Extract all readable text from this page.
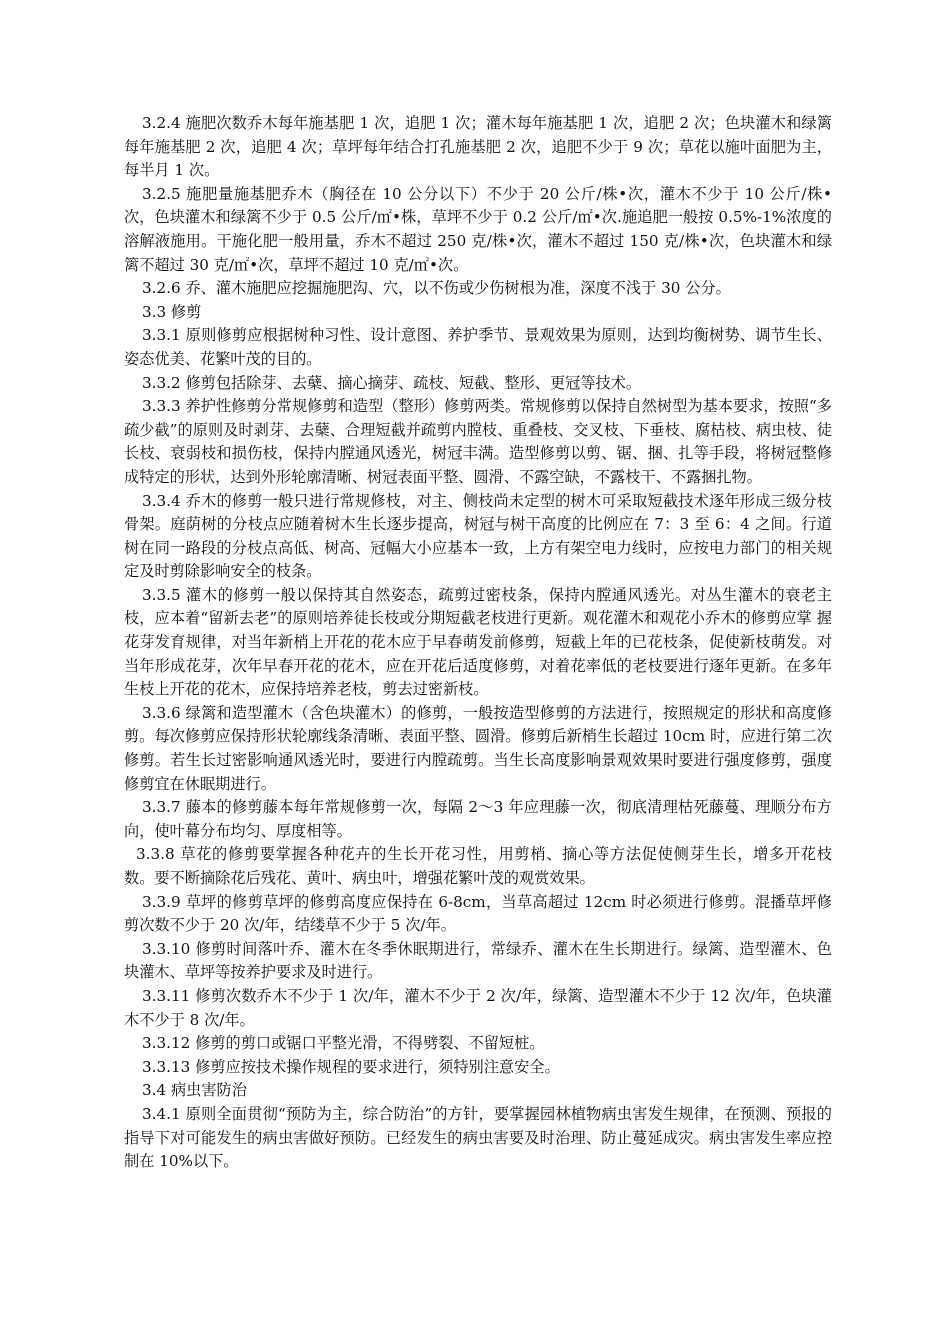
3.2.4 施肥次数乔木每年施基肥 1 次，追肥 1 次；灌木每年施基肥 1 次，追肥 2 次；色块灌木和绿篱每年施基肥 2 次，追肥 4 次；草坪每年结合打孔施基肥 2 次，追肥不少于 9 次；草花以施叶面肥为主，每半月 1 次。

3.2.5 施肥量施基肥乔木（胸径在 10 公分以下）不少于 20 公斤/株•次，灌木不少于 10 公斤/株•次，色块灌木和绿篱不少于 0.5 公斤/㎡•株，草坪不少于 0.2 公斤/㎡•次.施追肥一般按 0.5%-1%浓度的溶解液施用。干施化肥一般用量，乔木不超过 250 克/株•次，灌木不超过 150 克/株•次，色块灌木和绿篱不超过 30 克/㎡•次，草坪不超过 10 克/㎡•次。

3.2.6 乔、灌木施肥应挖掘施肥沟、穴，以不伤或少伤树根为准，深度不浅于 30 公分。

3.3 修剪

3.3.1 原则修剪应根据树种习性、设计意图、养护季节、景观效果为原则，达到均衡树势、调节生长、姿态优美、花繁叶茂的目的。

3.3.2 修剪包括除芽、去蘖、摘心摘芽、疏枝、短截、整形、更冠等技术。

3.3.3 养护性修剪分常规修剪和造型（整形）修剪两类。常规修剪以保持自然树型为基本要求，按照“多疏少截”的原则及时剥芽、去蘖、合理短截并疏剪内膛枝、重叠枝、交叉枝、下垂枝、腐枯枝、病虫枝、徒长枝、衰弱枝和损伤枝，保持内膛通风透光，树冠丰满。造型修剪以剪、锯、捆、扎等手段，将树冠整修成特定的形状，达到外形轮廓清晰、树冠表面平整、圆滑、不露空缺，不露枝干、不露捆扎物。

3.3.4 乔木的修剪一般只进行常规修枝，对主、侧枝尚未定型的树木可采取短截技术逐年形成三级分枝骨架。庭荫树的分枝点应随着树木生长逐步提高，树冠与树干高度的比例应在 7：3 至 6：4 之间。行道树在同一路段的分枝点高低、树高、冠幅大小应基本一致，上方有架空电力线时，应按电力部门的相关规定及时剪除影响安全的枝条。

3.3.5 灌木的修剪一般以保持其自然姿态，疏剪过密枝条，保持内膛通风透光。对丛生灌木的衰老主枝，应本着“留新去老”的原则培养徒长枝或分期短截老枝进行更新。观花灌木和观花小乔木的修剪应掌 握花芽发育规律，对当年新梢上开花的花木应于早春萌发前修剪，短截上年的已花枝条，促使新枝萌发。对当年形成花芽，次年早春开花的花木，应在开花后适度修剪，对着花率低的老枝要进行逐年更新。在多年生枝上开花的花木，应保持培养老枝，剪去过密新枝。

3.3.6 绿篱和造型灌木（含色块灌木）的修剪，一般按造型修剪的方法进行，按照规定的形状和高度修剪。每次修剪应保持形状轮廓线条清晰、表面平整、圆滑。修剪后新梢生长超过 10cm 时，应进行第二次修剪。若生长过密影响通风透光时，要进行内膛疏剪。当生长高度影响景观效果时要进行强度修剪，强度修剪宜在休眠期进行。

3.3.7 藤本的修剪藤本每年常规修剪一次，每隔 2～3 年应理藤一次，彻底清理枯死藤蔓、理顺分布方向，使叶幕分布均匀、厚度相等。

3.3.8 草花的修剪要掌握各种花卉的生长开花习性，用剪梢、摘心等方法促使侧芽生长，增多开花枝数。要不断摘除花后残花、黄叶、病虫叶，增强花繁叶茂的观赏效果。

3.3.9 草坪的修剪草坪的修剪高度应保持在 6-8cm，当草高超过 12cm 时必须进行修剪。混播草坪修剪次数不少于 20 次/年，结缕草不少于 5 次/年。

3.3.10 修剪时间落叶乔、灌木在冬季休眠期进行，常绿乔、灌木在生长期进行。绿篱、造型灌木、色块灌木、草坪等按养护要求及时进行。

3.3.11 修剪次数乔木不少于 1 次/年，灌木不少于 2 次/年，绿篱、造型灌木不少于 12 次/年，色块灌木不少于 8 次/年。

3.3.12 修剪的剪口或锯口平整光滑，不得劈裂、不留短桩。

3.3.13 修剪应按技术操作规程的要求进行，须特别注意安全。

3.4 病虫害防治

3.4.1 原则全面贯彻“预防为主，综合防治”的方针，要掌握园林植物病虫害发生规律，在预测、预报的指导下对可能发生的病虫害做好预防。已经发生的病虫害要及时治理、防止蔓延成灾。病虫害发生率应控制在 10%以下。
